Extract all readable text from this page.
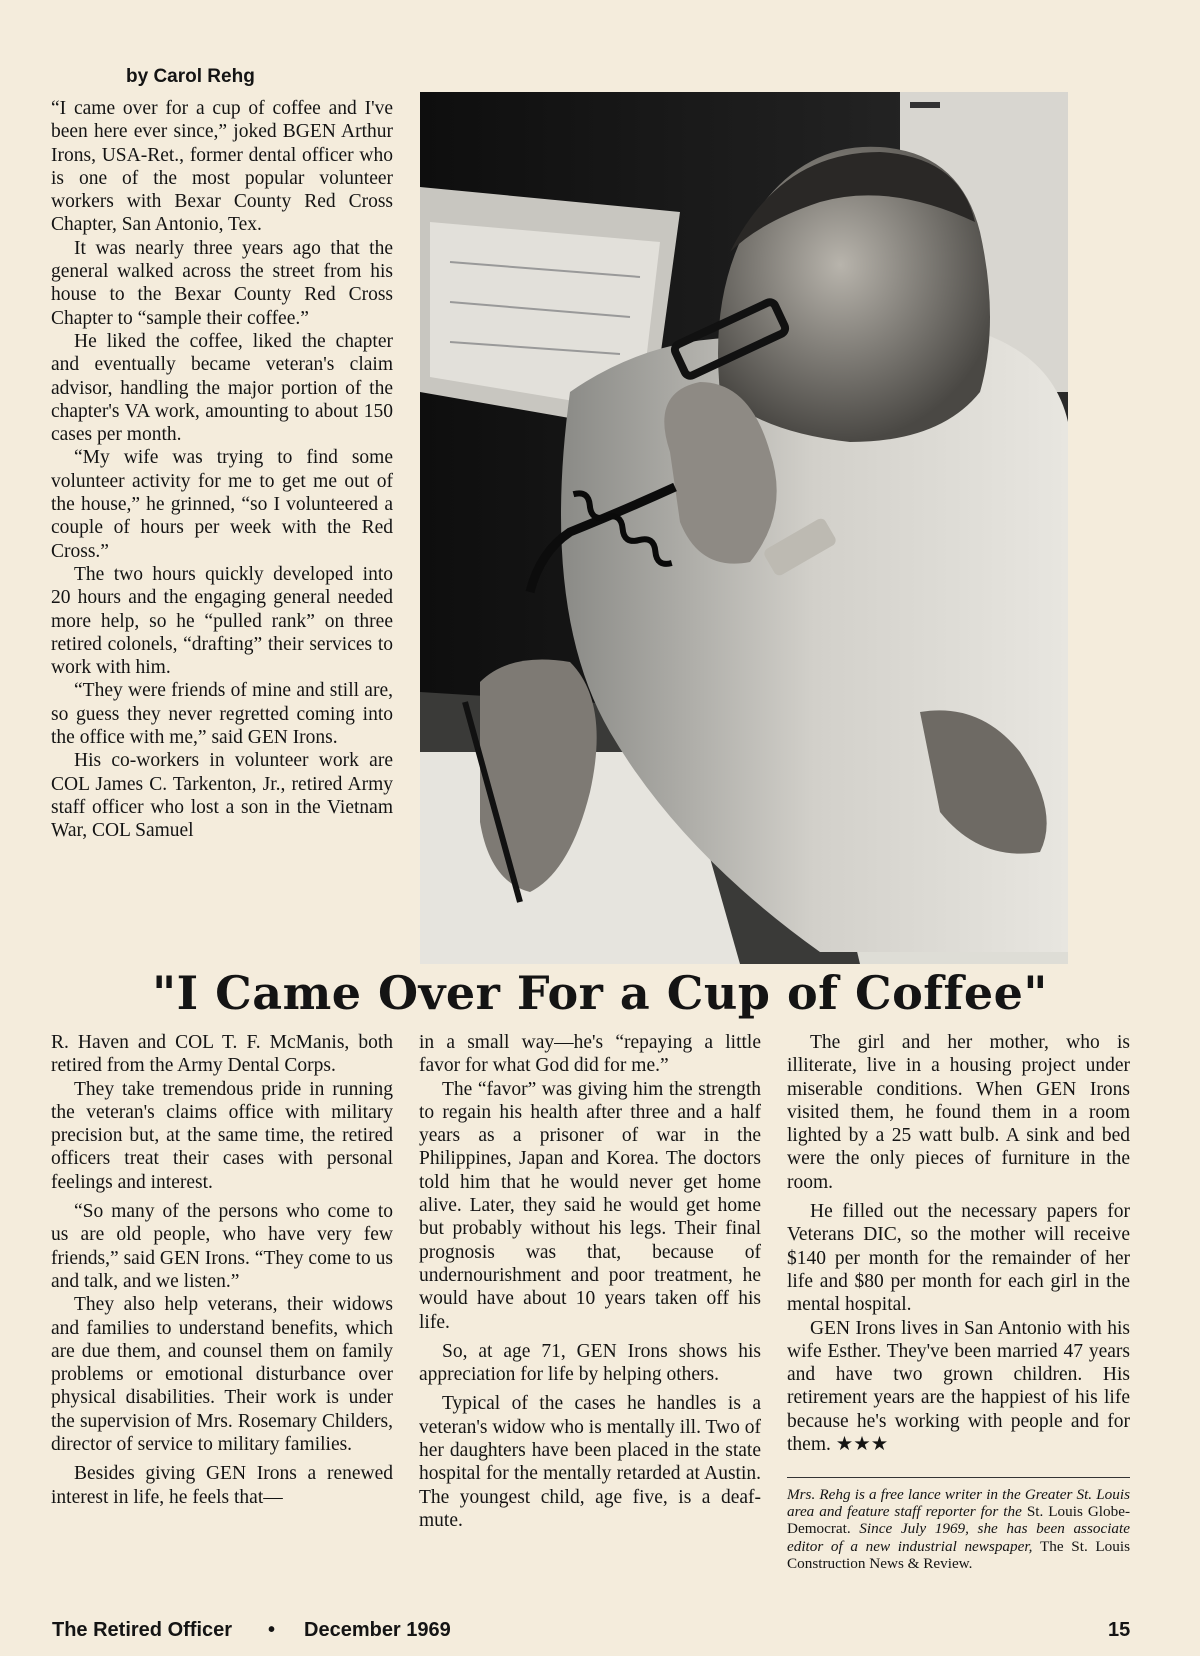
by Carol Rehg

“I came over for a cup of coffee and I've been here ever since,” joked BGEN Arthur Irons, USA-Ret., former dental officer who is one of the most popular volunteer workers with Bexar County Red Cross Chapter, San Antonio, Tex.

It was nearly three years ago that the general walked across the street from his house to the Bexar County Red Cross Chapter to “sample their coffee.”

He liked the coffee, liked the chapter and eventually became veteran's claim advisor, handling the major portion of the chapter's VA work, amounting to about 150 cases per month.

“My wife was trying to find some volunteer activity for me to get me out of the house,” he grinned, “so I volunteered a couple of hours per week with the Red Cross.”

The two hours quickly developed into 20 hours and the engaging general needed more help, so he “pulled rank” on three retired colonels, “drafting” their services to work with him.

“They were friends of mine and still are, so guess they never regretted coming into the office with me,” said GEN Irons.

His co-workers in volunteer work are COL James C. Tarkenton, Jr., retired Army staff officer who lost a son in the Vietnam War, COL Samuel

"I Came Over For a Cup of Coffee"

R. Haven and COL T. F. McManis, both retired from the Army Dental Corps.

They take tremendous pride in running the veteran's claims office with military precision but, at the same time, the retired officers treat their cases with personal feelings and interest.

“So many of the persons who come to us are old people, who have very few friends,” said GEN Irons. “They come to us and talk, and we listen.”

They also help veterans, their widows and families to understand benefits, which are due them, and counsel them on family problems or emotional disturbance over physical disabilities. Their work is under the supervision of Mrs. Rosemary Childers, director of service to military families.

Besides giving GEN Irons a renewed interest in life, he feels that—

in a small way—he's “repaying a little favor for what God did for me.”

The “favor” was giving him the strength to regain his health after three and a half years as a prisoner of war in the Philippines, Japan and Korea. The doctors told him that he would never get home alive. Later, they said he would get home but probably without his legs. Their final prognosis was that, because of undernourishment and poor treatment, he would have about 10 years taken off his life.

So, at age 71, GEN Irons shows his appreciation for life by helping others.

Typical of the cases he handles is a veteran's widow who is mentally ill. Two of her daughters have been placed in the state hospital for the mentally retarded at Austin. The youngest child, age five, is a deaf-mute.

The girl and her mother, who is illiterate, live in a housing project under miserable conditions. When GEN Irons visited them, he found them in a room lighted by a 25 watt bulb. A sink and bed were the only pieces of furniture in the room.

He filled out the necessary papers for Veterans DIC, so the mother will receive $140 per month for the remainder of her life and $80 per month for each girl in the mental hospital.

GEN Irons lives in San Antonio with his wife Esther. They've been married 47 years and have two grown children. His retirement years are the happiest of his life because he's working with people and for them. ★★★

Mrs. Rehg is a free lance writer in the Greater St. Louis area and feature staff reporter for the St. Louis Globe-Democrat. Since July 1969, she has been associate editor of a new industrial newspaper, The St. Louis Construction News & Review.
The Retired Officer • December 1969	15
